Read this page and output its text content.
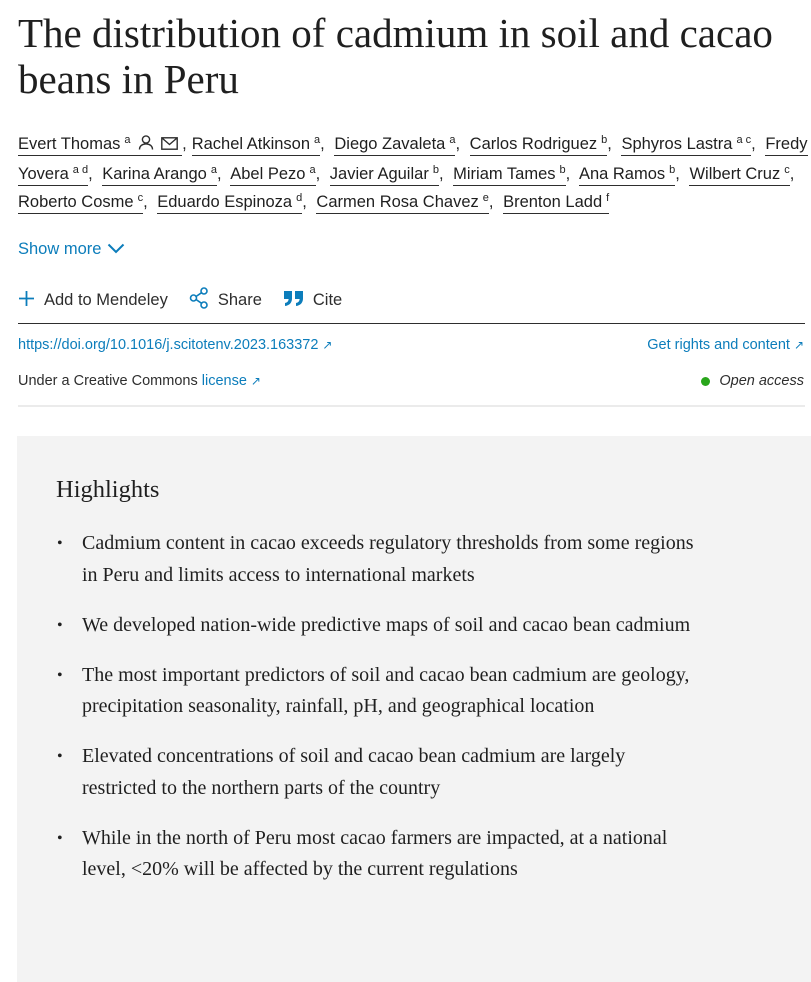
The distribution of cadmium in soil and cacao beans in Peru
Evert Thomas $^a$	, Rachel Atkinson $^a$, Diego Zavaleta $^a$, Carlos Rodriguez $^b$, Sphyros Lastra $^{a c}$, Fredy Yovera $^{a d}$, Karina Arango $^a$, Abel Pezo $^a$, Javier Aguilar $^b$, Miriam Tames $^b$, Ana Ramos $^b$, Wilbert Cruz $^c$, Roberto Cosme $^c$, Eduardo Espinoza $^d$, Carmen Rosa Chavez $^e$, Brenton Ladd $^f$
Show more
Add to Mendeley	Share	Cite
https://doi.org/10.1016/j.scitotenv.2023.163372 ↗	Get rights and content ↗
Under a Creative Commons license ↗	Open access
Highlights
• Cadmium content in cacao exceeds regulatory thresholds from some regions in Peru and limits access to international markets
• We developed nation-wide predictive maps of soil and cacao bean cadmium
• The most important predictors of soil and cacao bean cadmium are geology, precipitation seasonality, rainfall, pH, and geographical location
• Elevated concentrations of soil and cacao bean cadmium are largely restricted to the northern parts of the country
• While in the north of Peru most cacao farmers are impacted, at a national level, <20% will be affected by the current regulations
